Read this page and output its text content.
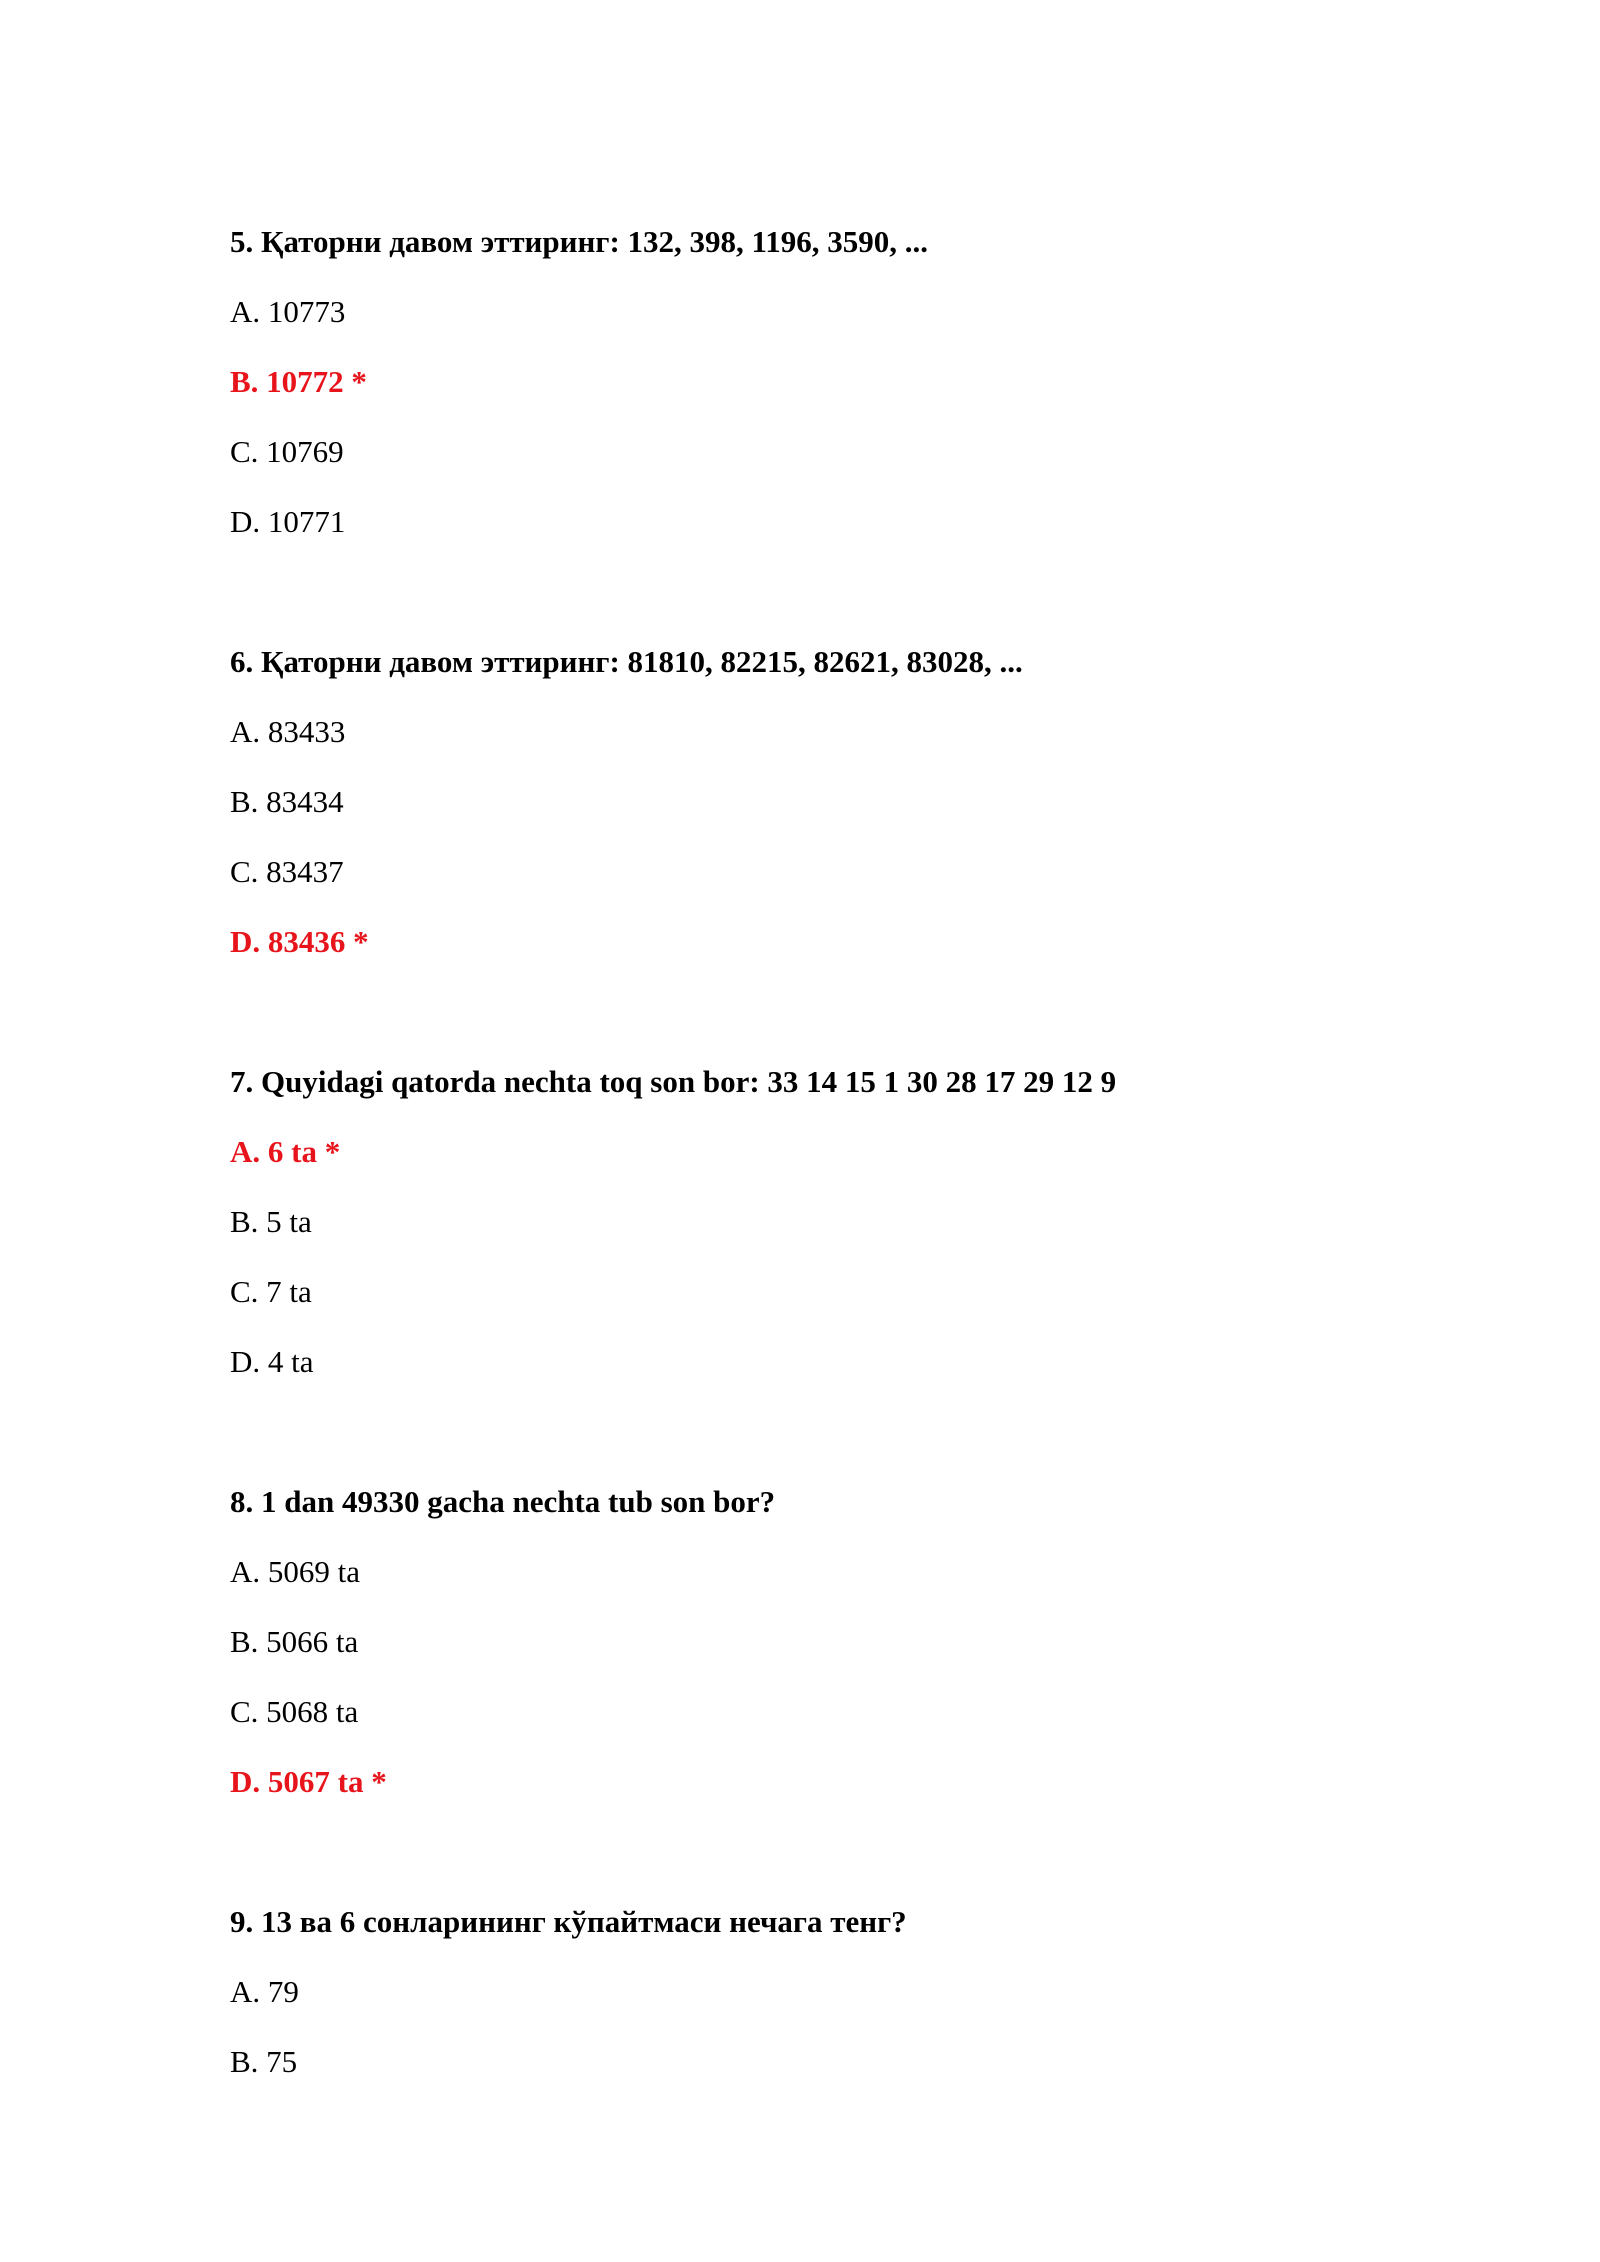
5. Қаторни давом эттиринг: 132, 398, 1196, 3590, ...
A. 10773
B. 10772 *
C. 10769
D. 10771
6. Қаторни давом эттиринг: 81810, 82215, 82621, 83028, ...
A. 83433
B. 83434
C. 83437
D. 83436 *
7. Quyidagi qatorda nechta toq son bor: 33 14 15 1 30 28 17 29 12 9
A. 6 ta *
B. 5 ta
C. 7 ta
D. 4 ta
8. 1 dan 49330 gacha nechta tub son bor?
A. 5069 ta
B. 5066 ta
C. 5068 ta
D. 5067 ta *
9. 13 ва 6 сонларининг кўпайтмаси нечага тенг?
A. 79
B. 75
